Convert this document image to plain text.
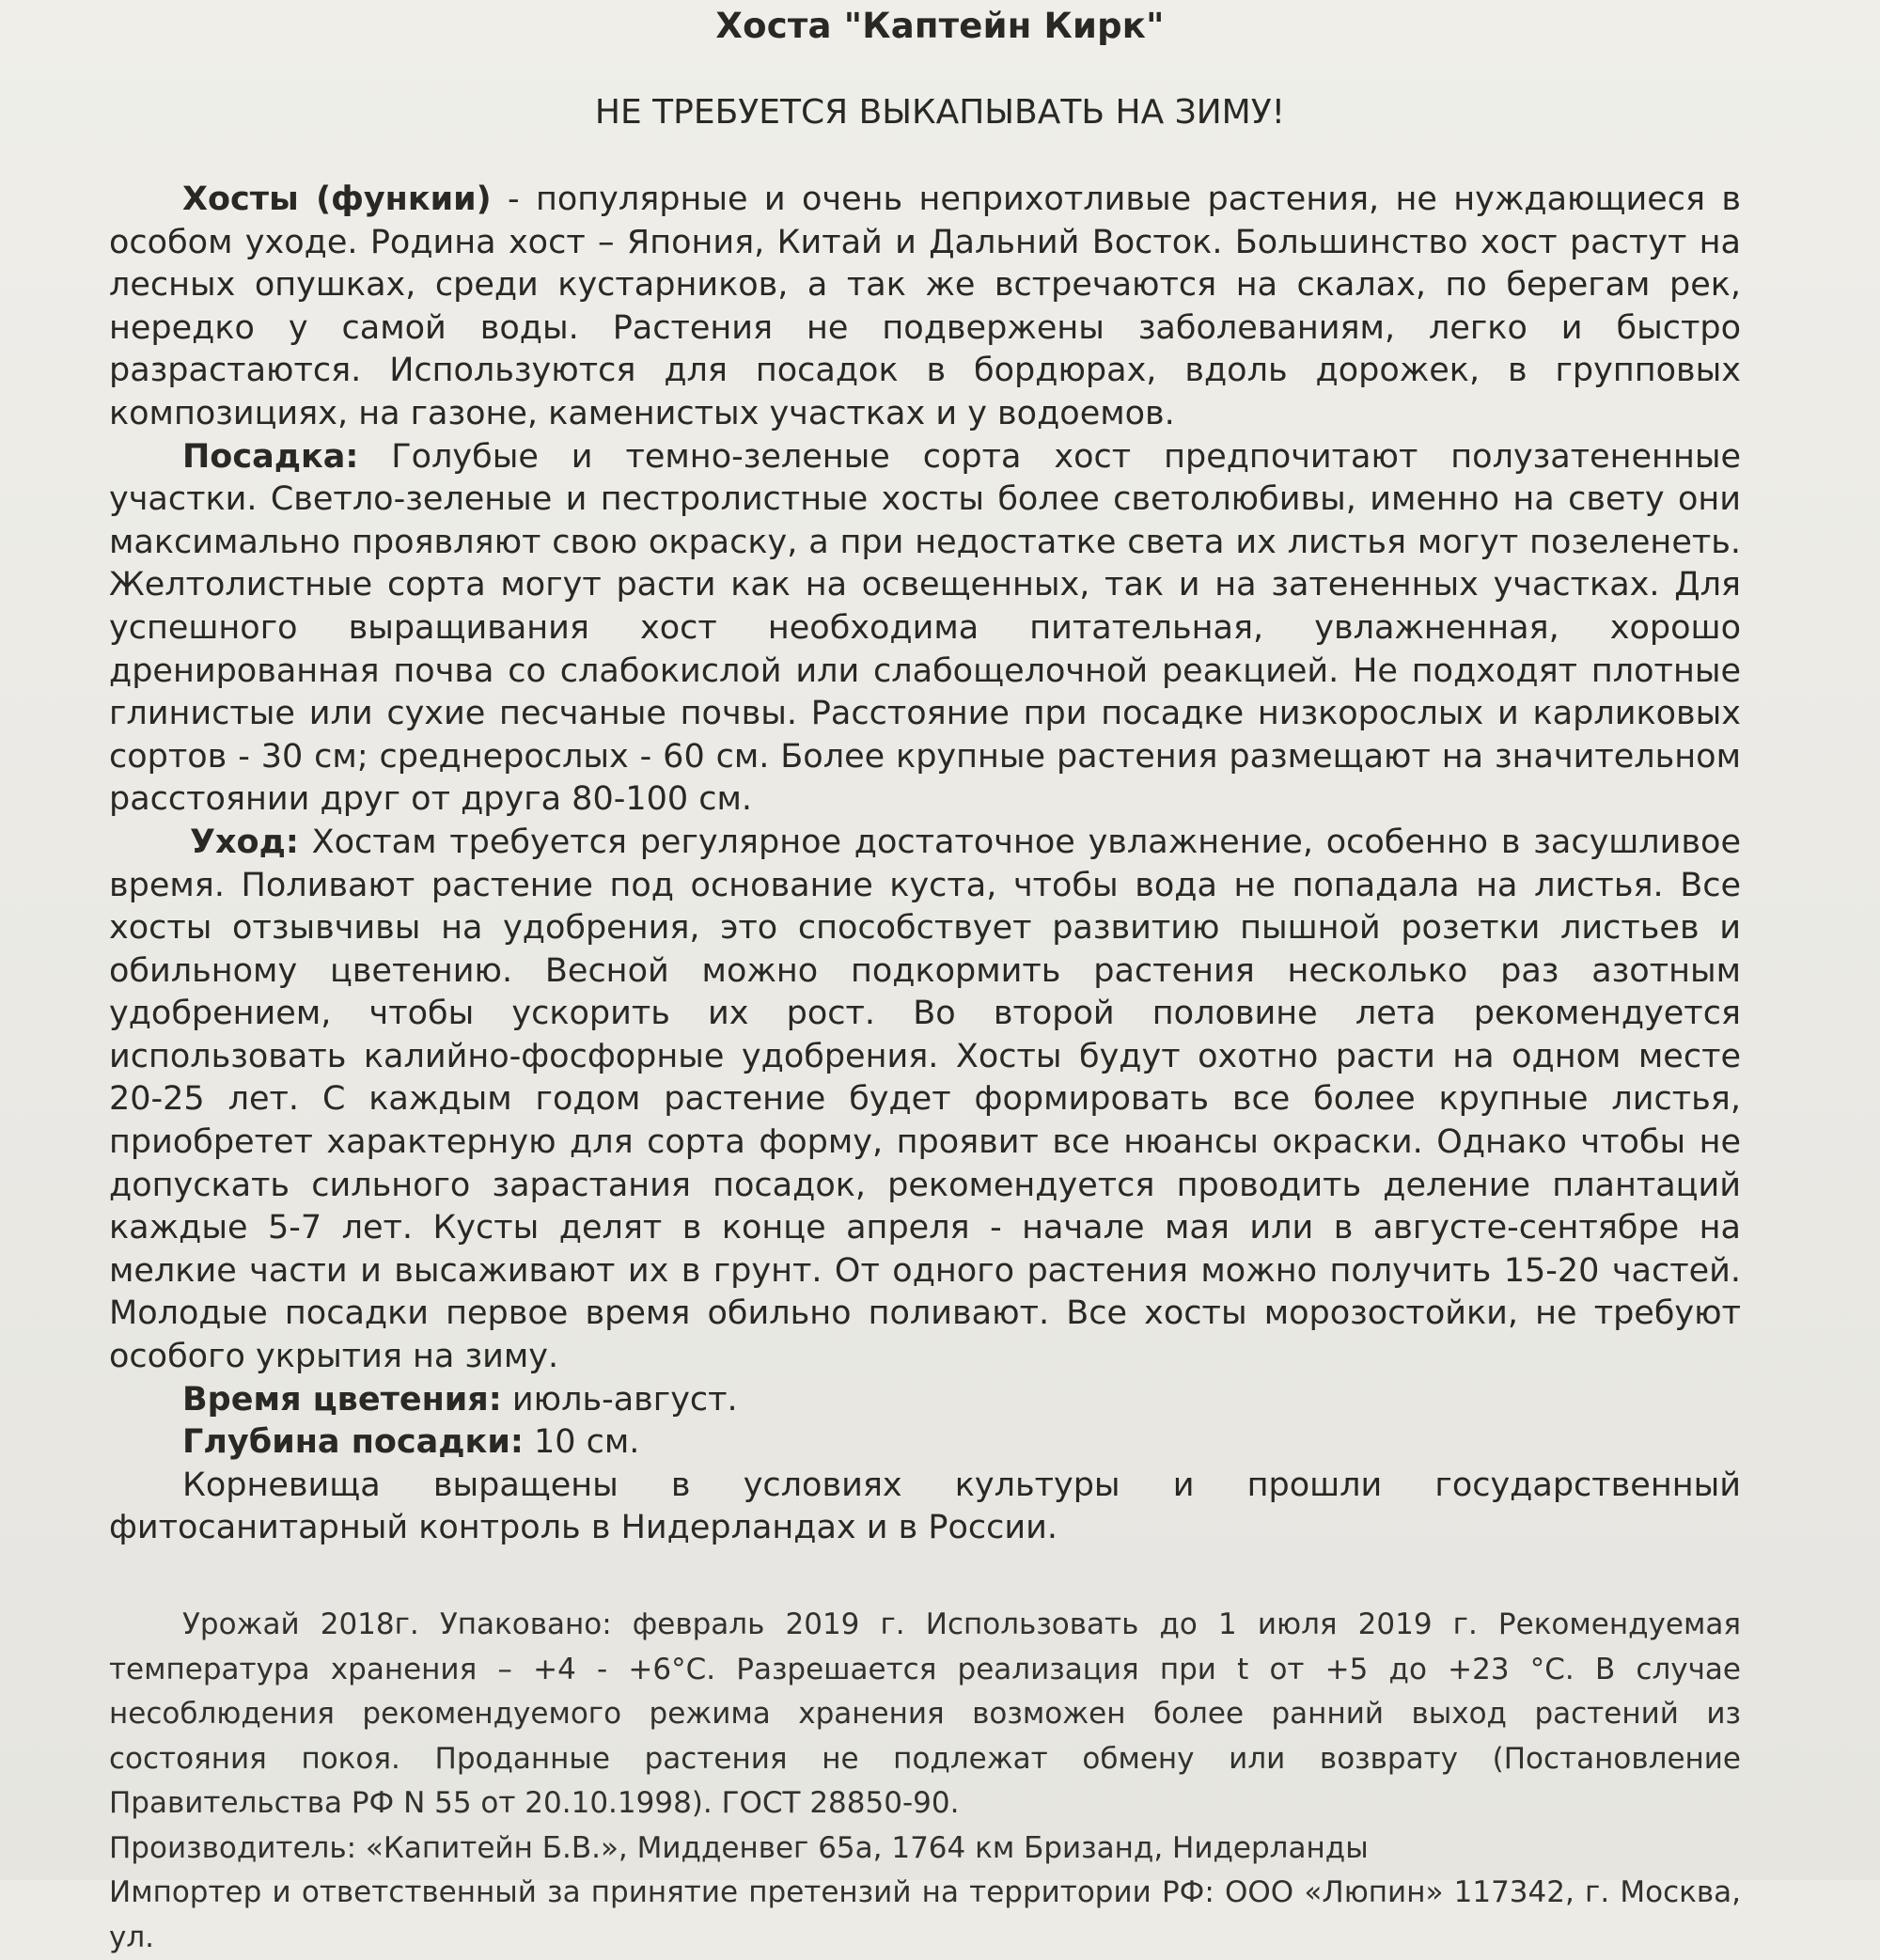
Хоста "Каптейн Кирк"
НЕ ТРЕБУЕТСЯ ВЫКАПЫВАТЬ НА ЗИМУ!

Хосты (функии) - популярные и очень неприхотливые растения, не нуждающиеся в особом уходе. Родина хост – Япония, Китай и Дальний Восток. Большинство хост растут на лесных опушках, среди кустарников, а так же встречаются на скалах, по берегам рек, нередко у самой воды. Растения не подвержены заболеваниям, легко и быстро разрастаются. Используются для посадок в бордюрах, вдоль дорожек, в групповых композициях, на газоне, каменистых участках и у водоемов.

Посадка: Голубые и темно-зеленые сорта хост предпочитают полузатененные участки. Светло-зеленые и пестролистные хосты более светолюбивы, именно на свету они максимально проявляют свою окраску, а при недостатке света их листья могут позеленеть. Желтолистные сорта могут расти как на освещенных, так и на затененных участках. Для успешного выращивания хост необходима питательная, увлажненная, хорошо дренированная почва со слабокислой или слабощелочной реакцией. Не подходят плотные глинистые или сухие песчаные почвы. Расстояние при посадке низкорослых и карликовых сортов - 30 см; среднерослых - 60 см. Более крупные растения размещают на значительном расстоянии друг от друга 80-100 см.

Уход: Хостам требуется регулярное достаточное увлажнение, особенно в засушливое время. Поливают растение под основание куста, чтобы вода не попадала на листья. Все хосты отзывчивы на удобрения, это способствует развитию пышной розетки листьев и обильному цветению. Весной можно подкормить растения несколько раз азотным удобрением, чтобы ускорить их рост. Во второй половине лета рекомендуется использовать калийно-фосфорные удобрения. Хосты будут охотно расти на одном месте 20-25 лет. С каждым годом растение будет формировать все более крупные листья, приобретет характерную для сорта форму, проявит все нюансы окраски. Однако чтобы не допускать сильного зарастания посадок, рекомендуется проводить деление плантаций каждые 5-7 лет. Кусты делят в конце апреля - начале мая или в августе-сентябре на мелкие части и высаживают их в грунт. От одного растения можно получить 15-20 частей. Молодые посадки первое время обильно поливают. Все хосты морозостойки, не требуют особого укрытия на зиму.

Время цветения: июль-август.

Глубина посадки: 10 см.

Корневища выращены в условиях культуры и прошли государственный фитосанитарный контроль в Нидерландах и в России.

Урожай 2018г. Упаковано: февраль 2019 г. Использовать до 1 июля 2019 г. Рекомендуемая температура хранения – +4 - +6°С. Разрешается реализация при t от +5 до +23 °С. В случае несоблюдения рекомендуемого режима хранения возможен более ранний выход растений из состояния покоя. Проданные растения не подлежат обмену или возврату (Постановление Правительства РФ N 55 от 20.10.1998). ГОСТ 28850-90.

Производитель: «Капитейн Б.В.», Мидденвег 65а, 1764 км Бризанд, Нидерланды

Импортер и ответственный за принятие претензий на территории РФ: ООО «Люпин» 117342, г. Москва, ул.
